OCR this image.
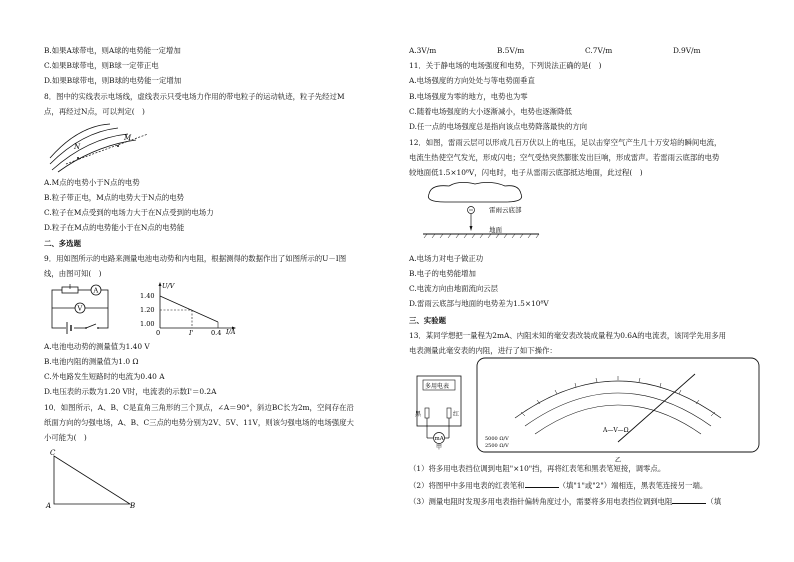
B.如果A球带电，则A球的电势能一定增加
C.如果B球带电，则B球一定带正电
D.如果B球带电，则B球的电势能一定增加
8．图中的实线表示电场线，虚线表示只受电场力作用的带电粒子的运动轨迹，粒子先经过M
点，再经过N点，可以判定(　)
N
M
A.M点的电势小于N点的电势
B.粒子带正电，M点的电势大于N点的电势
C.粒子在M点受到的电场力大于在N点受到的电场力
D.粒子在M点的电势能小于在N点的电势能
二、多选题
9．用如图所示的电路来测量电池电动势和内电阻，根据测得的数据作出了如图所示的U－I图
线，由图可知(　)
A
V
U/V
I/A
1.40
1.20
1.00
0	I'	0.4
A.电池电动势的测量值为1.40 V
B.电池内阻的测量值为1.0 Ω
C.外电路发生短路时的电流为0.40 A
D.电压表的示数为1.20 V时，电流表的示数I'＝0.2A
10．如图所示，A、B、C是直角三角形的三个顶点，∠A＝90°，斜边BC长为2m，空间存在沿
纸面方向的匀强电场，A、B、C三点的电势分别为2V、5V、11V，则该匀强电场的电场强度大
小可能为(　)
C
A	B
A.3V/m	B.5V/m	C.7V/m	D.9V/m
11．关于静电场的电场强度和电势，下列说法正确的是(　)
A.电场强度的方向处处与等电势面垂直
B.电场强度为零的地方，电势也为零
C.随着电场强度的大小逐渐减小，电势也逐渐降低
D.任一点的电场强度总是指向该点电势降落最快的方向
12．如图，雷雨云层可以形成几百万伏以上的电压，足以击穿空气产生几十万安培的瞬间电流，
电流生热使空气发光，形成闪电；空气受热突然膨胀发出巨响，形成雷声。若雷雨云底部的电势
较地面低1.5×10⁸V，闪电时，电子从雷雨云底部抵达地面，此过程(　)
雷雨云底部
地面
A.电场力对电子做正功
B.电子的电势能增加
C.电流方向由地面流向云层
D.雷雨云底部与地面的电势差为1.5×10⁸V
三、实验题
13．某同学想把一量程为2mA、内阻未知的毫安表改装成量程为0.6A的电流表，该同学先用多用
电表测量此毫安表的内阻，进行了如下操作：
多用电表
黑	红
mA
甲
A—V—Ω
5000 Ω/V
2500 Ω/V
乙
（1）将多用电表挡位调到电阻"×10"挡，再将红表笔和黑表笔短接，调零点。
（2）将图甲中多用电表的红表笔和	（填"1"或"2"）端相连，黑表笔连接另一端。
（3）测量电阻时发现多用电表指针偏转角度过小，需要将多用电表挡位调到电阻	（填
